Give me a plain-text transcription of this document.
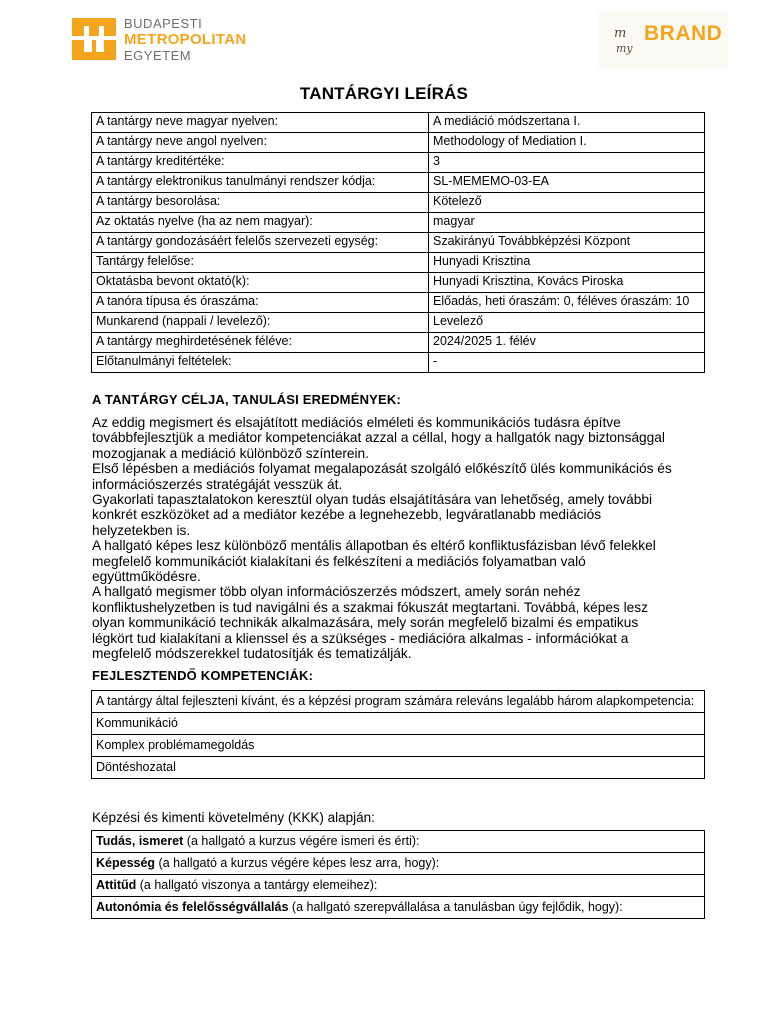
BUDAPESTI
METROPOLITAN
EGYETEM
m BRAND
my
TANTÁRGYI LEÍRÁS
A tantárgy neve magyar nyelven:	A mediáció módszertana I.
A tantárgy neve angol nyelven:	Methodology of Mediation I.
A tantárgy kreditértéke:	3
A tantárgy elektronikus tanulmányi rendszer kódja:	SL-MEMEMO-03-EA
A tantárgy besorolása:	Kötelező
Az oktatás nyelve (ha az nem magyar):	magyar
A tantárgy gondozásáért felelős szervezeti egység:	Szakirányú Továbbképzési Központ
Tantárgy felelőse:	Hunyadi Krisztina
Oktatásba bevont oktató(k):	Hunyadi Krisztina, Kovács Piroska
A tanóra típusa és óraszáma:	Előadás, heti óraszám: 0, féléves óraszám: 10
Munkarend (nappali / levelező):	Levelező
A tantárgy meghirdetésének féléve:	2024/2025 1. félév
Előtanulmányi feltételek:	-
A TANTÁRGY CÉLJA, TANULÁSI EREDMÉNYEK:

Az eddig megismert és elsajátított mediációs elméleti és kommunikációs tudásra építve továbbfejlesztjük a mediátor kompetenciákat azzal a céllal, hogy a hallgatók nagy biztonsággal mozogjanak a mediáció különböző színterein.

Első lépésben a mediációs folyamat megalapozását szolgáló előkészítő ülés kommunikációs és információszerzés stratégáját vesszük át.

Gyakorlati tapasztalatokon keresztül olyan tudás elsajátítására van lehetőség, amely további konkrét eszközöket ad a mediátor kezébe a legnehezebb, legváratlanabb mediációs helyzetekben is.

A hallgató képes lesz különböző mentális állapotban és eltérő konfliktusfázisban lévő felekkel megfelelő kommunikációt kialakítani és felkészíteni a mediációs folyamatban való együttműködésre.

A hallgató megismer több olyan információszerzés módszert, amely során nehéz konfliktushelyzetben is tud navigálni és a szakmai fókuszát megtartani. Továbbá, képes lesz olyan kommunikáció technikák alkalmazására, mely során megfelelő bizalmi és empatikus légkört tud kialakítani a klienssel és a szükséges - mediációra alkalmas - információkat a megfelelő módszerekkel tudatosítják és tematizálják.

FEJLESZTENDŐ KOMPETENCIÁK:
A tantárgy által fejleszteni kívánt, és a képzési program számára releváns legalább három alapkompetencia:
Kommunikáció
Komplex problémamegoldás
Döntéshozatal
Képzési és kimenti követelmény (KKK) alapján:
Tudás, ismeret (a hallgató a kurzus végére ismeri és érti):
Képesség (a hallgató a kurzus végére képes lesz arra, hogy):
Attitűd (a hallgató viszonya a tantárgy elemeihez):
Autonómia és felelősségvállalás (a hallgató szerepvállalása a tanulásban úgy fejlődik, hogy):
